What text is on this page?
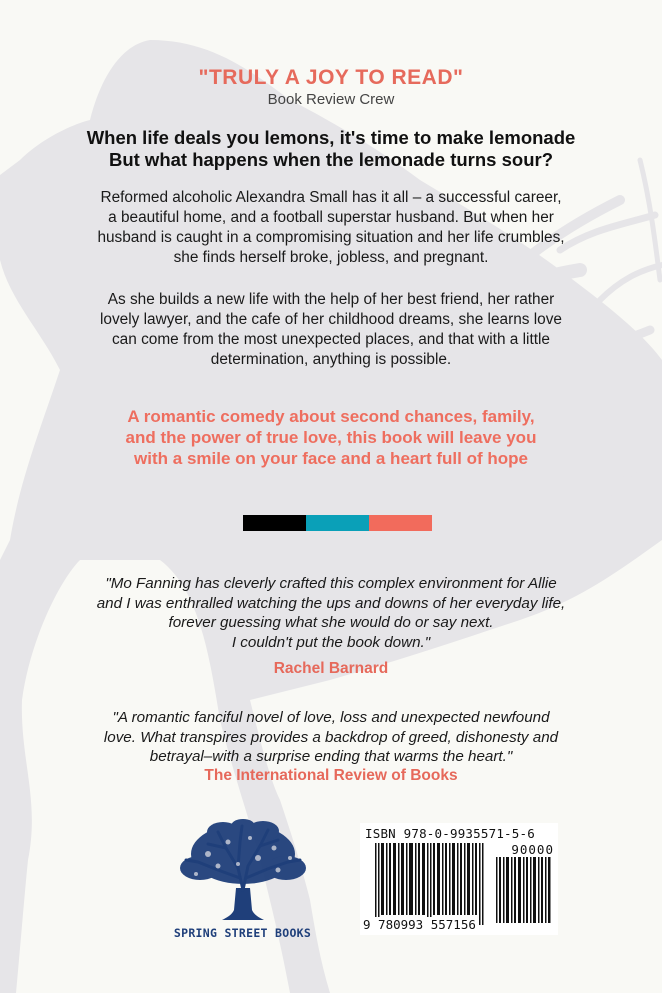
"TRULY A JOY TO READ"
Book Review Crew
When life deals you lemons, it's time to make lemonade
But what happens when the lemonade turns sour?
Reformed alcoholic Alexandra Small has it all – a successful career,
a beautiful home, and a football superstar husband. But when her
husband is caught in a compromising situation and her life crumbles,
she finds herself broke, jobless, and pregnant.
As she builds a new life with the help of her best friend, her rather
lovely lawyer, and the cafe of her childhood dreams, she learns love
can come from the most unexpected places, and that with a little
determination, anything is possible.
A romantic comedy about second chances, family,
and the power of true love, this book will leave you
with a smile on your face and a heart full of hope
"Mo Fanning has cleverly crafted this complex environment for Allie
and I was enthralled watching the ups and downs of her everyday life,
forever guessing what she would do or say next.
I couldn't put the book down."
Rachel Barnard
"A romantic fanciful novel of love, loss and unexpected newfound
love. What transpires provides a backdrop of greed, dishonesty and
betrayal–with a surprise ending that warms the heart."
The International Review of Books
SPRING STREET BOOKS
ISBN 978-0-9935571-5-6
90000
9 780993 557156
